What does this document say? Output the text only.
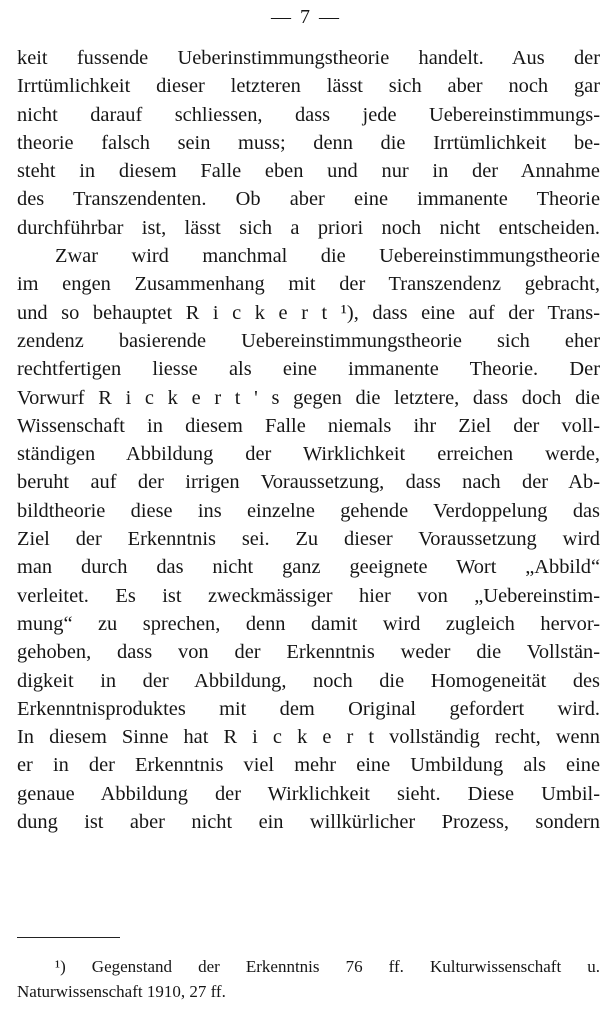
— 7 —
keit fussende Ueberinstimmungstheorie handelt. Aus der
Irrtümlichkeit dieser letzteren lässt sich aber noch gar
nicht darauf schliessen, dass jede Uebereinstimmungs-
theorie falsch sein muss; denn die Irrtümlichkeit be-
steht in diesem Falle eben und nur in der Annahme
des Transzendenten. Ob aber eine immanente Theorie
durchführbar ist, lässt sich a priori noch nicht entscheiden.
Zwar wird manchmal die Uebereinstimmungstheorie
im engen Zusammenhang mit der Transzendenz gebracht,
und so behauptet R i c k e r t ¹), dass eine auf der Trans-
zendenz basierende Uebereinstimmungstheorie sich eher
rechtfertigen liesse als eine immanente Theorie. Der
Vorwurf R i c k e r t ' s gegen die letztere, dass doch die
Wissenschaft in diesem Falle niemals ihr Ziel der voll-
ständigen Abbildung der Wirklichkeit erreichen werde,
beruht auf der irrigen Voraussetzung, dass nach der Ab-
bildtheorie diese ins einzelne gehende Verdoppelung das
Ziel der Erkenntnis sei. Zu dieser Voraussetzung wird
man durch das nicht ganz geeignete Wort „Abbild“
verleitet. Es ist zweckmässiger hier von „Uebereinstim-
mung“ zu sprechen, denn damit wird zugleich hervor-
gehoben, dass von der Erkenntnis weder die Vollstän-
digkeit in der Abbildung, noch die Homogeneität des
Erkenntnisproduktes mit dem Original gefordert wird.
In diesem Sinne hat R i c k e r t vollständig recht, wenn
er in der Erkenntnis viel mehr eine Umbildung als eine
genaue Abbildung der Wirklichkeit sieht. Diese Umbil-
dung ist aber nicht ein willkürlicher Prozess, sondern
¹) Gegenstand der Erkenntnis 76 ff. Kulturwissenschaft u.
Naturwissenschaft 1910, 27 ff.
